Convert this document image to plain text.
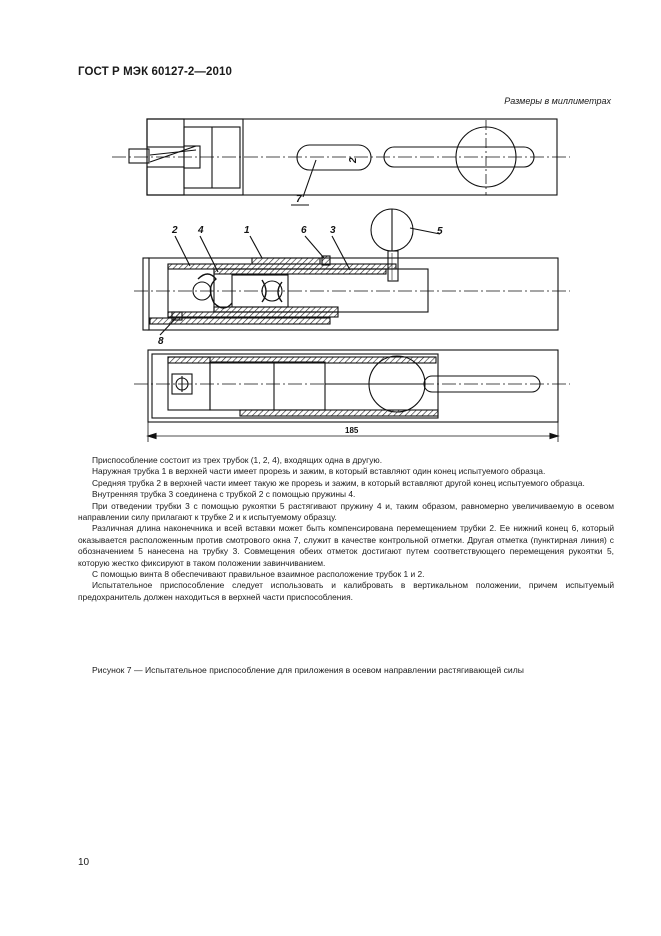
ГОСТ Р МЭК 60127-2—2010
Размеры в миллиметрах
7
2
2 4	1	6 3	5
8
185

Приспособление состоит из трех трубок (1, 2, 4), входящих одна в другую.

Наружная трубка 1 в верхней части имеет прорезь и зажим, в который вставляют один конец испытуемого образца.

Средняя трубка 2 в верхней части имеет такую же прорезь и зажим, в который вставляют другой конец испытуемого образца.

Внутренняя трубка 3 соединена с трубкой 2 с помощью пружины 4.

При отведении трубки 3 с помощью рукоятки 5 растягивают пружину 4 и, таким образом, равномерно увеличиваемую в осевом направлении силу прилагают к трубке 2 и к испытуемому образцу.

Различная длина наконечника и всей вставки может быть компенсирована перемещением трубки 2. Ее нижний конец 6, который оказывается расположенным против смотрового окна 7, служит в качестве контрольной отметки. Другая отметка (пунктирная линия) с обозначением 5 нанесена на трубку 3. Совмещения обеих отметок достигают путем соответствующего перемещения рукоятки 5, которую жестко фиксируют в таком положении завинчиванием.

С помощью винта 8 обеспечивают правильное взаимное расположение трубок 1 и 2.

Испытательное приспособление следует использовать и калибровать в вертикальном положении, причем испытуемый предохранитель должен находиться в верхней части приспособления.

Рисунок 7 — Испытательное приспособление для приложения в осевом направлении растягивающей силы
10
